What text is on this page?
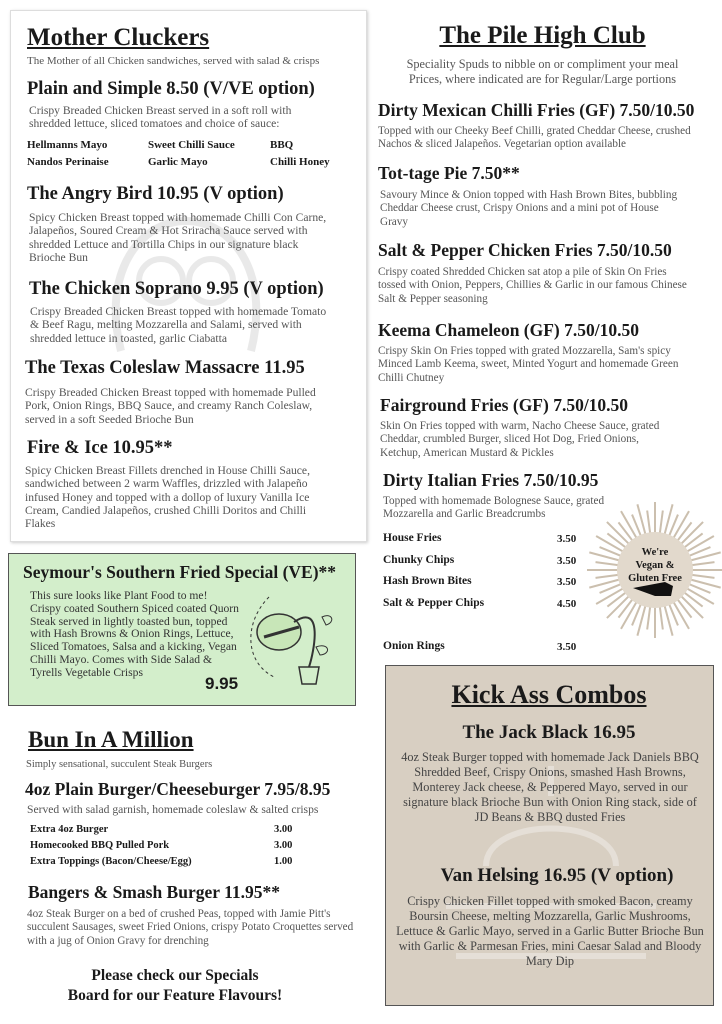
Mother Cluckers
The Mother of all Chicken sandwiches, served with salad & crisps
Plain and Simple 8.50 (V/VE option)
Crispy Breaded Chicken Breast served in a soft roll with shredded lettuce, sliced tomatoes and choice of sauce:
Hellmanns Mayo	Sweet Chilli Sauce	BBQ
Nandos Perinaise	Garlic Mayo	Chilli Honey
The Angry Bird 10.95 (V option)
Spicy Chicken Breast topped with homemade Chilli Con Carne, Jalapeños, Soured Cream & Hot Sriracha Sauce served with shredded Lettuce and Tortilla Chips in our signature black Brioche Bun
The Chicken Soprano 9.95 (V option)
Crispy Breaded Chicken Breast topped with homemade Tomato & Beef Ragu, melting Mozzarella and Salami, served with shredded lettuce in toasted, garlic Ciabatta
The Texas Coleslaw Massacre 11.95
Crispy Breaded Chicken Breast topped with homemade Pulled Pork, Onion Rings, BBQ Sauce, and creamy Ranch Coleslaw, served in a soft Seeded Brioche Bun
Fire & Ice 10.95**
Spicy Chicken Breast Fillets drenched in House Chilli Sauce, sandwiched between 2 warm Waffles, drizzled with Jalapeño infused Honey and topped with a dollop of luxury Vanilla Ice Cream, Candied Jalapeños, crushed Chilli Doritos and Chilli Flakes
Seymour's Southern Fried Special (VE)**
This sure looks like Plant Food to me! Crispy coated Southern Spiced coated Quorn Steak served in lightly toasted bun, topped with Hash Browns & Onion Rings, Lettuce, Sliced Tomatoes, Salsa and a kicking, Vegan Chilli Mayo. Comes with Side Salad & Tyrells Vegetable Crisps
9.95
Bun In A Million
Simply sensational, succulent Steak Burgers
4oz Plain Burger/Cheeseburger 7.95/8.95
Served with salad garnish, homemade coleslaw & salted crisps
Extra 4oz Burger	3.00
Homecooked BBQ Pulled Pork	3.00
Extra Toppings (Bacon/Cheese/Egg)	1.00
Bangers & Smash Burger 11.95**
4oz Steak Burger on a bed of crushed Peas, topped with Jamie Pitt's succulent Sausages, sweet Fried Onions, crispy Potato Croquettes served with a jug of Onion Gravy for drenching
Please check our Specials
Board for our Feature Flavours!
The Pile High Club
Speciality Spuds to nibble on or compliment your meal
Prices, where indicated are for Regular/Large portions
Dirty Mexican Chilli Fries (GF) 7.50/10.50
Topped with our Cheeky Beef Chilli, grated Cheddar Cheese, crushed Nachos & sliced Jalapeños. Vegetarian option available
Tot-tage Pie 7.50**
Savoury Mince & Onion topped with Hash Brown Bites, bubbling Cheddar Cheese crust, Crispy Onions and a mini pot of House Gravy
Salt & Pepper Chicken Fries 7.50/10.50
Crispy coated Shredded Chicken sat atop a pile of Skin On Fries tossed with Onion, Peppers, Chillies & Garlic in our famous Chinese Salt & Pepper seasoning
Keema Chameleon (GF) 7.50/10.50
Crispy Skin On Fries topped with grated Mozzarella, Sam's spicy Minced Lamb Keema, sweet, Minted Yogurt and homemade Green Chilli Chutney
Fairground Fries (GF) 7.50/10.50
Skin On Fries topped with warm, Nacho Cheese Sauce, grated Cheddar, crumbled Burger, sliced Hot Dog, Fried Onions, Ketchup, American Mustard & Pickles
Dirty Italian Fries 7.50/10.95
Topped with homemade Bolognese Sauce, grated Mozzarella and Garlic Breadcrumbs
House Fries	3.50
Chunky Chips	3.50
Hash Brown Bites	3.50
Salt & Pepper Chips	4.50
Onion Rings	3.50
We're
Vegan &
Gluten Free
Kick Ass Combos
The Jack Black 16.95
4oz Steak Burger topped with homemade Jack Daniels BBQ Shredded Beef, Crispy Onions, smashed Hash Browns, Monterey Jack cheese, & Peppered Mayo, served in our signature black Brioche Bun with Onion Ring stack, side of JD Beans & BBQ dusted Fries
Van Helsing 16.95 (V option)
Crispy Chicken Fillet topped with smoked Bacon, creamy Boursin Cheese, melting Mozzarella, Garlic Mushrooms, Lettuce & Garlic Mayo, served in a Garlic Butter Brioche Bun with Garlic & Parmesan Fries, mini Caesar Salad and Bloody Mary Dip
